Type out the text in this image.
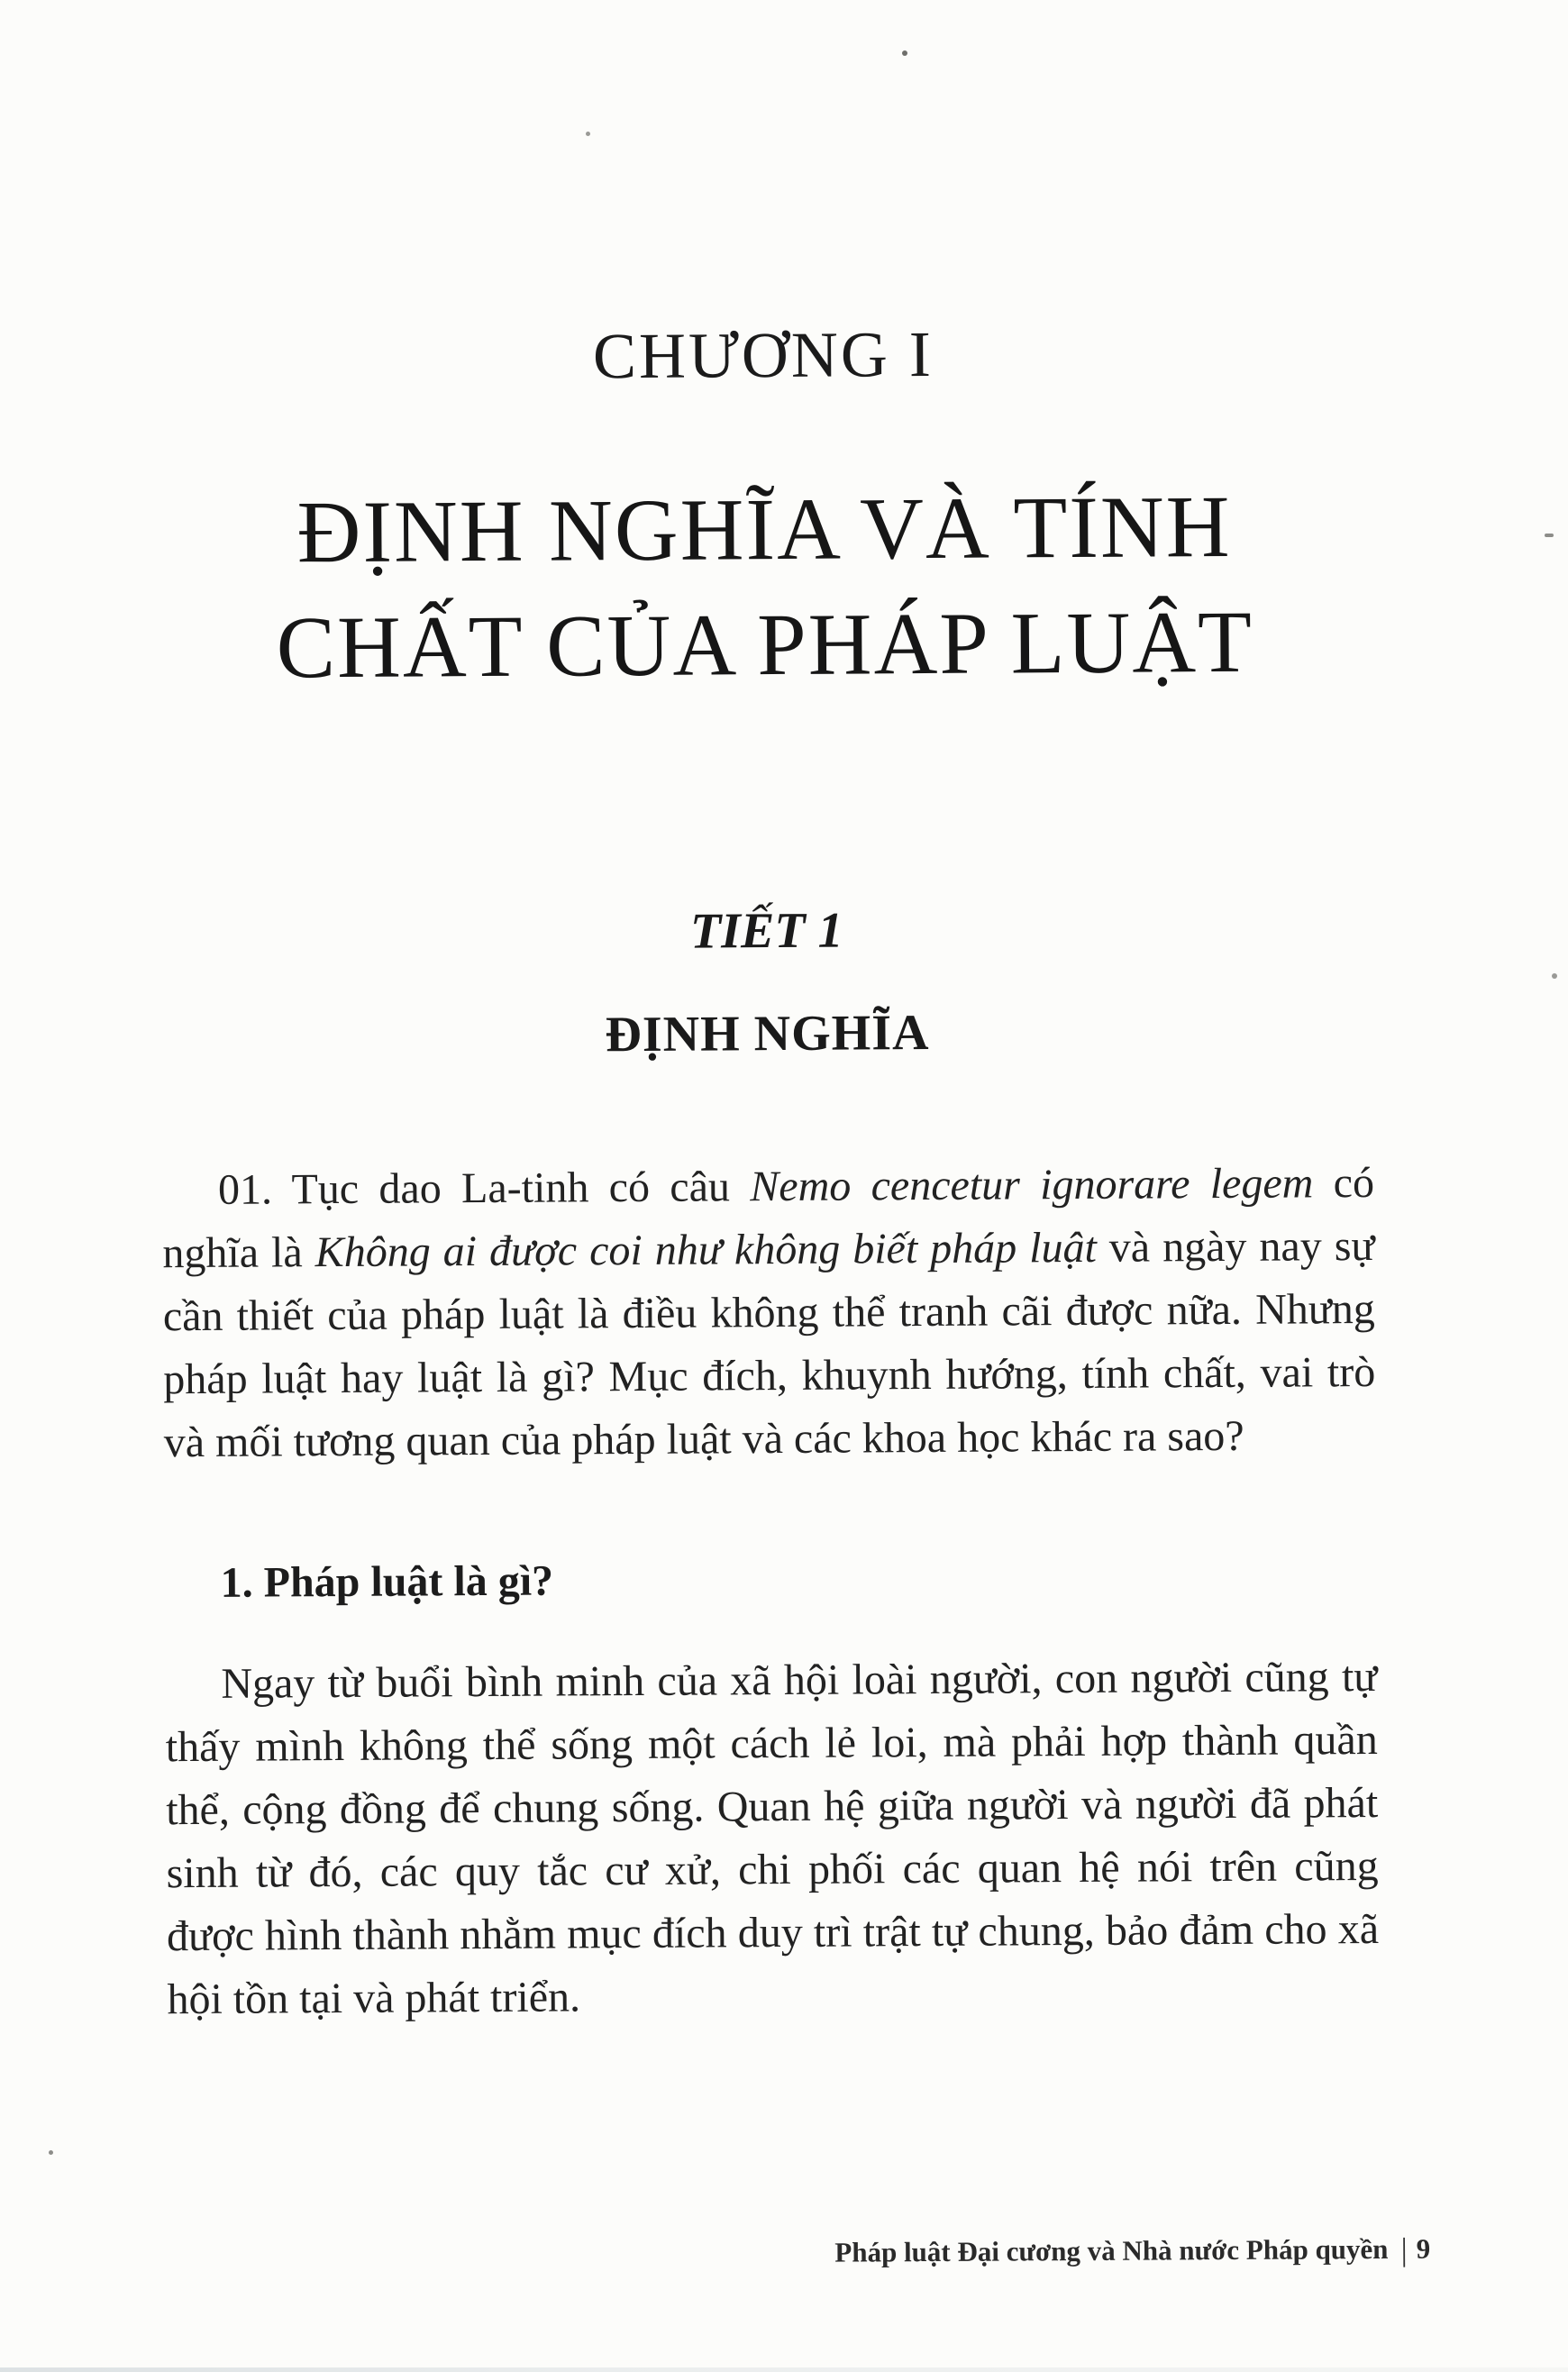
CHƯƠNG I
ĐỊNH NGHĨA VÀ TÍNH
CHẤT CỦA PHÁP LUẬT
TIẾT 1
ĐỊNH NGHĨA

01. Tục dao La-tinh có câu Nemo cencetur ignorare legem có nghĩa là Không ai được coi như không biết pháp luật và ngày nay sự cần thiết của pháp luật là điều không thể tranh cãi được nữa. Nhưng pháp luật hay luật là gì? Mục đích, khuynh hướng, tính chất, vai trò và mối tương quan của pháp luật và các khoa học khác ra sao?

1. Pháp luật là gì?

Ngay từ buổi bình minh của xã hội loài người, con người cũng tự thấy mình không thể sống một cách lẻ loi, mà phải hợp thành quần thể, cộng đồng để chung sống. Quan hệ giữa người và người đã phát sinh từ đó, các quy tắc cư xử, chi phối các quan hệ nói trên cũng được hình thành nhằm mục đích duy trì trật tự chung, bảo đảm cho xã hội tồn tại và phát triển.

Pháp luật Đại cương và Nhà nước Pháp quyền | 9
